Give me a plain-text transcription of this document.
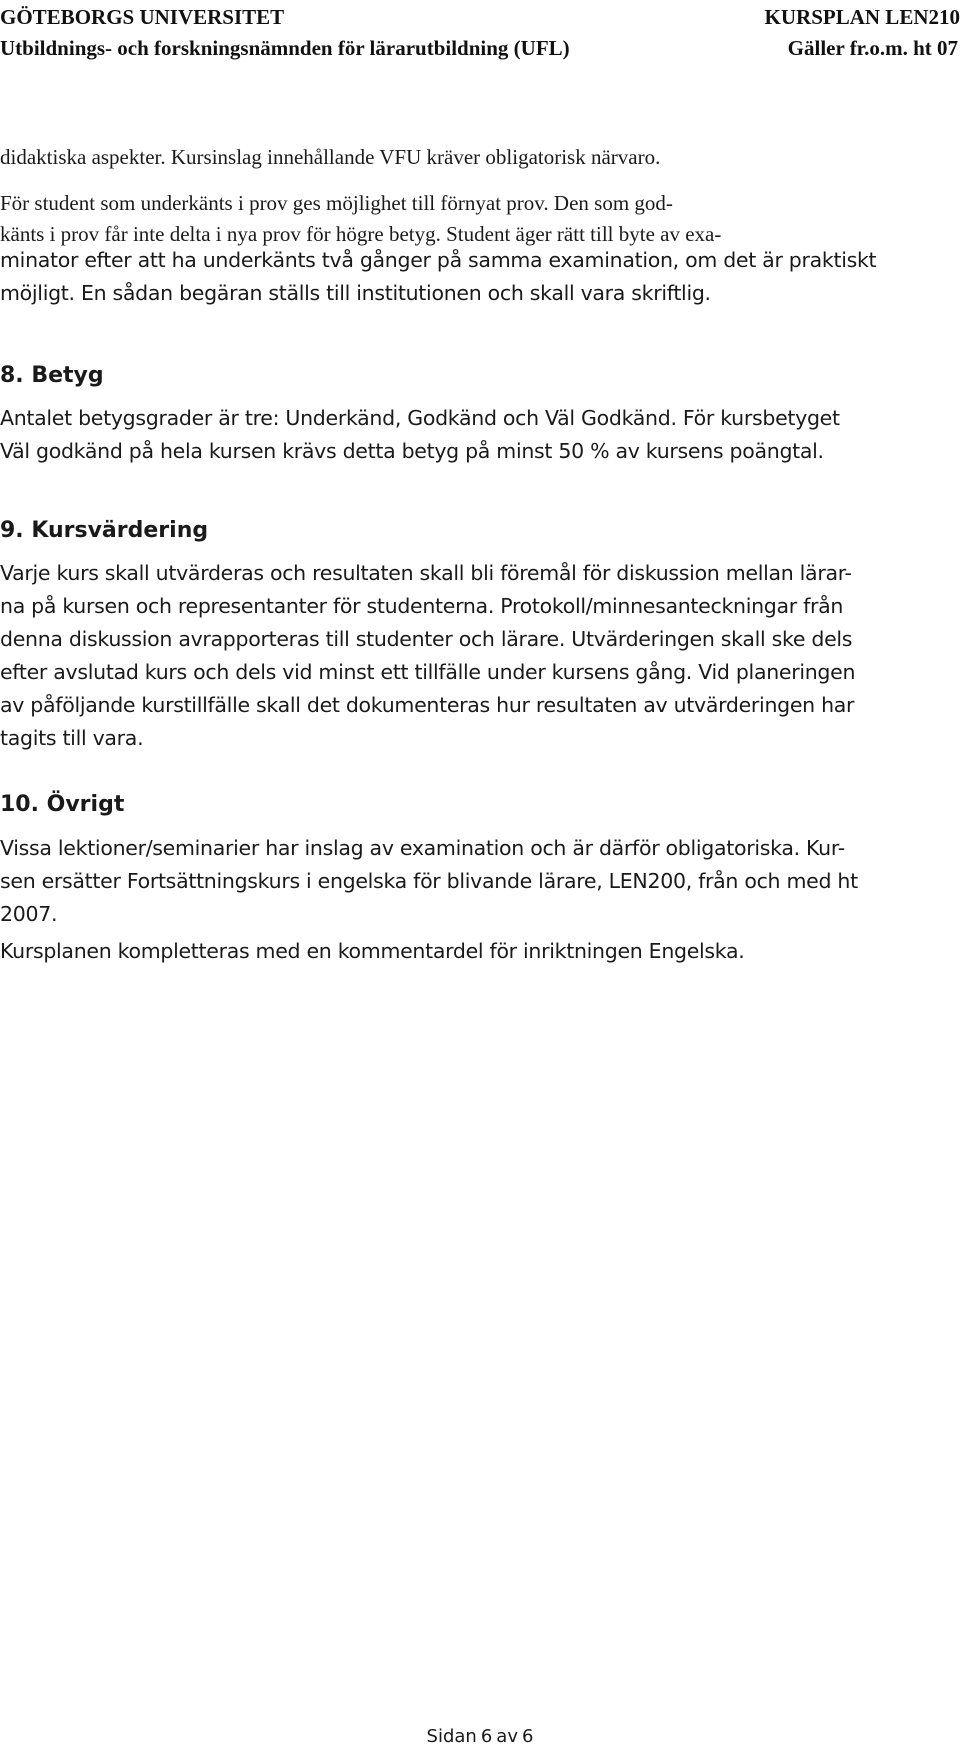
GÖTEBORGS UNIVERSITET	KURSPLAN LEN210
Utbildnings- och forskningsnämnden för lärarutbildning (UFL)	Gäller fr.o.m. ht 07
didaktiska aspekter. Kursinslag innehållande VFU kräver obligatorisk närvaro.
För student som underkänts i prov ges möjlighet till förnyat prov. Den som god-
känts i prov får inte delta i nya prov för högre betyg. Student äger rätt till byte av exa-
minator efter att ha underkänts två gånger på samma examination, om det är praktiskt
möjligt. En sådan begäran ställs till institutionen och skall vara skriftlig.
8. Betyg
Antalet betygsgrader är tre: Underkänd, Godkänd och Väl Godkänd. För kursbetyget
Väl godkänd på hela kursen krävs detta betyg på minst 50 % av kursens poängtal.
9. Kursvärdering
Varje kurs skall utvärderas och resultaten skall bli föremål för diskussion mellan lärar-
na på kursen och representanter för studenterna. Protokoll/minnesanteckningar från
denna diskussion avrapporteras till studenter och lärare. Utvärderingen skall ske dels
efter avslutad kurs och dels vid minst ett tillfälle under kursens gång. Vid planeringen
av påföljande kurstillfälle skall det dokumenteras hur resultaten av utvärderingen har
tagits till vara.
10. Övrigt
Vissa lektioner/seminarier har inslag av examination och är därför obligatoriska. Kur-
sen ersätter Fortsättningskurs i engelska för blivande lärare, LEN200, från och med ht
2007.
Kursplanen kompletteras med en kommentardel för inriktningen Engelska.
Sidan 6 av 6
